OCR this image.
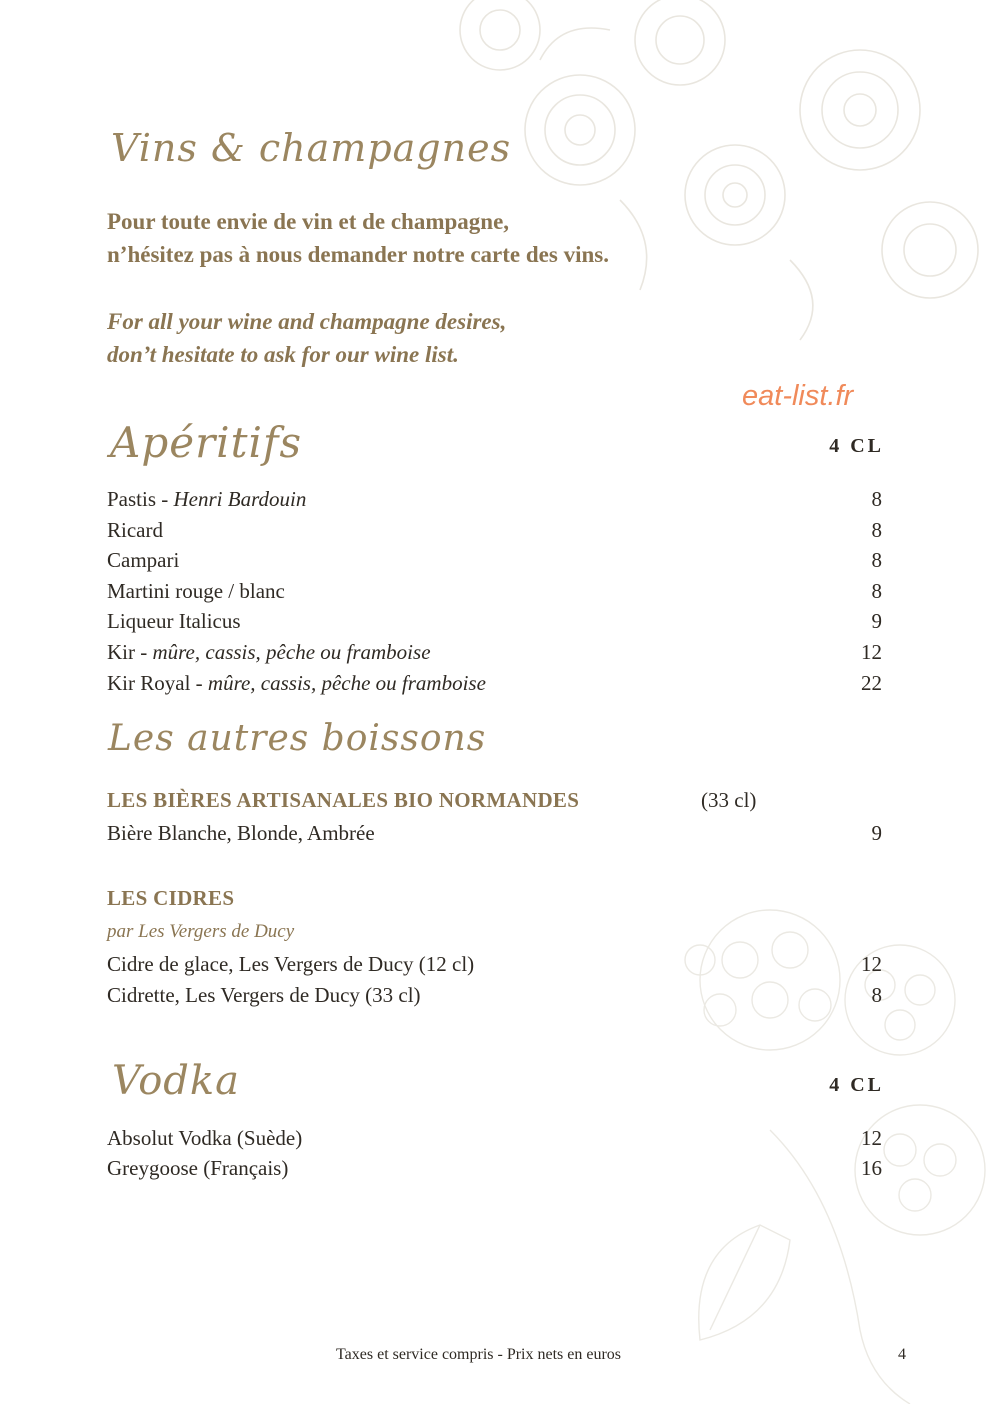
Vins & champagnes
Pour toute envie de vin et de champagne,
n’hésitez pas à nous demander notre carte des vins.
For all your wine and champagne desires,
don’t hesitate to ask for our wine list.
eat-list.fr
Apéritifs	4 CL
Pastis - Henri Bardouin	8
Ricard	8
Campari	8
Martini rouge / blanc	8
Liqueur Italicus	9
Kir - mûre, cassis, pêche ou framboise	12
Kir Royal - mûre, cassis, pêche ou framboise	22
Les autres boissons
LES BIÈRES ARTISANALES BIO NORMANDES	(33 cl)
Bière Blanche, Blonde, Ambrée	9
LES CIDRES
par Les Vergers de Ducy
Cidre de glace, Les Vergers de Ducy (12 cl)	12
Cidrette, Les Vergers de Ducy (33 cl)	8
Vodka	4 CL
Absolut Vodka (Suède)	12
Greygoose (Français)	16
Taxes et service compris - Prix nets en euros	4
